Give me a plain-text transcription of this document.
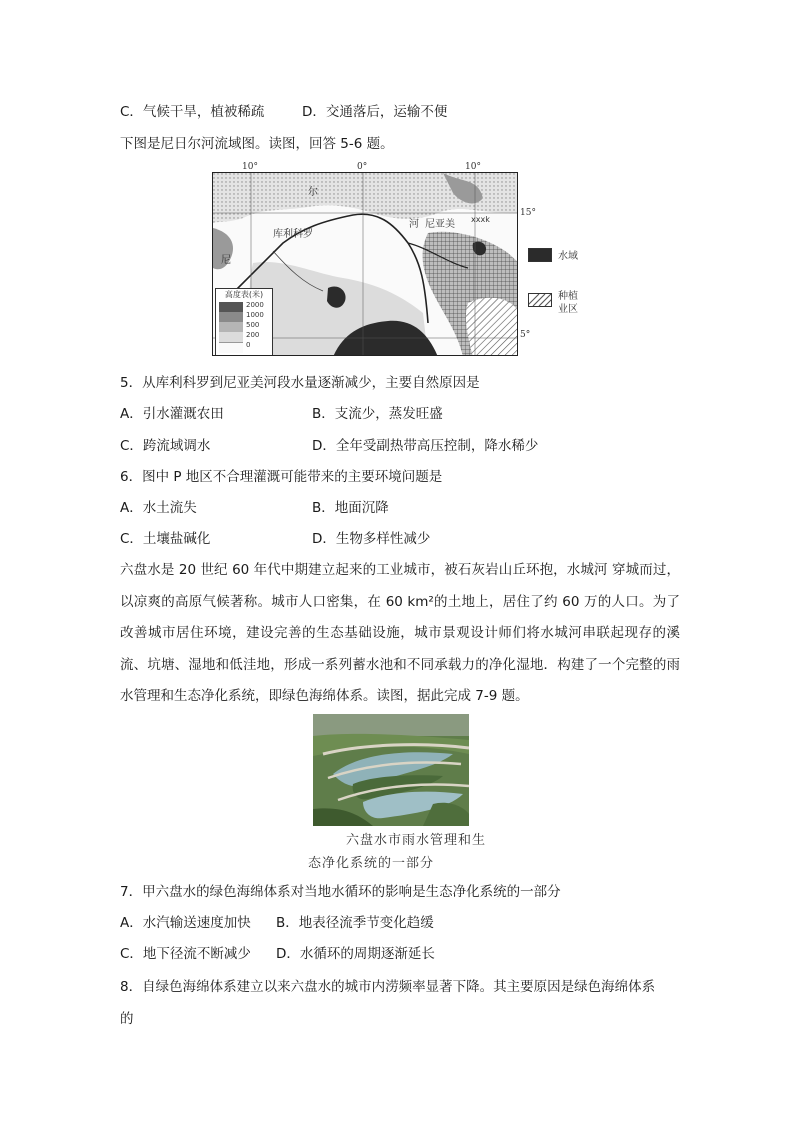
C．气候干旱，植被稀疏	D．交通落后，运输不便
下图是尼日尔河流域图。读图，回答 5-6 题。
10°	0°	10°
15°
5°
尔
河
库利科罗
尼亚美
尼
xxxk
高度表(米)
2000
1000
500
200
0
水域
种植
业区
5．从库利科罗到尼亚美河段水量逐渐减少，主要自然原因是
A．引水灌溉农田	B．支流少，蒸发旺盛
C．跨流域调水	D．全年受副热带高压控制，降水稀少
6．图中 P 地区不合理灌溉可能带来的主要环境问题是
A．水土流失	B．地面沉降
C．土壤盐碱化	D．生物多样性减少
六盘水是 20 世纪 60 年代中期建立起来的工业城市，被石灰岩山丘环抱，水城河 穿城而过，以凉爽的高原气候著称。城市人口密集，在 60 km²的土地上，居住了约 60 万的人口。为了改善城市居住环境，建设完善的生态基础设施，城市景观设计师们将水城河串联起现存的溪流、坑塘、湿地和低洼地，形成一系列蓄水池和不同承载力的净化湿地．构建了一个完整的雨水管理和生态净化系统，即绿色海绵体系。读图，据此完成 7-9 题。
六盘水市雨水管理和生
态净化系统的一部分
7．甲六盘水的绿色海绵体系对当地水循环的影响是生态净化系统的一部分
A．水汽输送速度加快 B．地表径流季节变化趋缓
C．地下径流不断减少 D．水循环的周期逐渐延长
8．自绿色海绵体系建立以来六盘水的城市内涝频率显著下降。其主要原因是绿色海绵体系
的
